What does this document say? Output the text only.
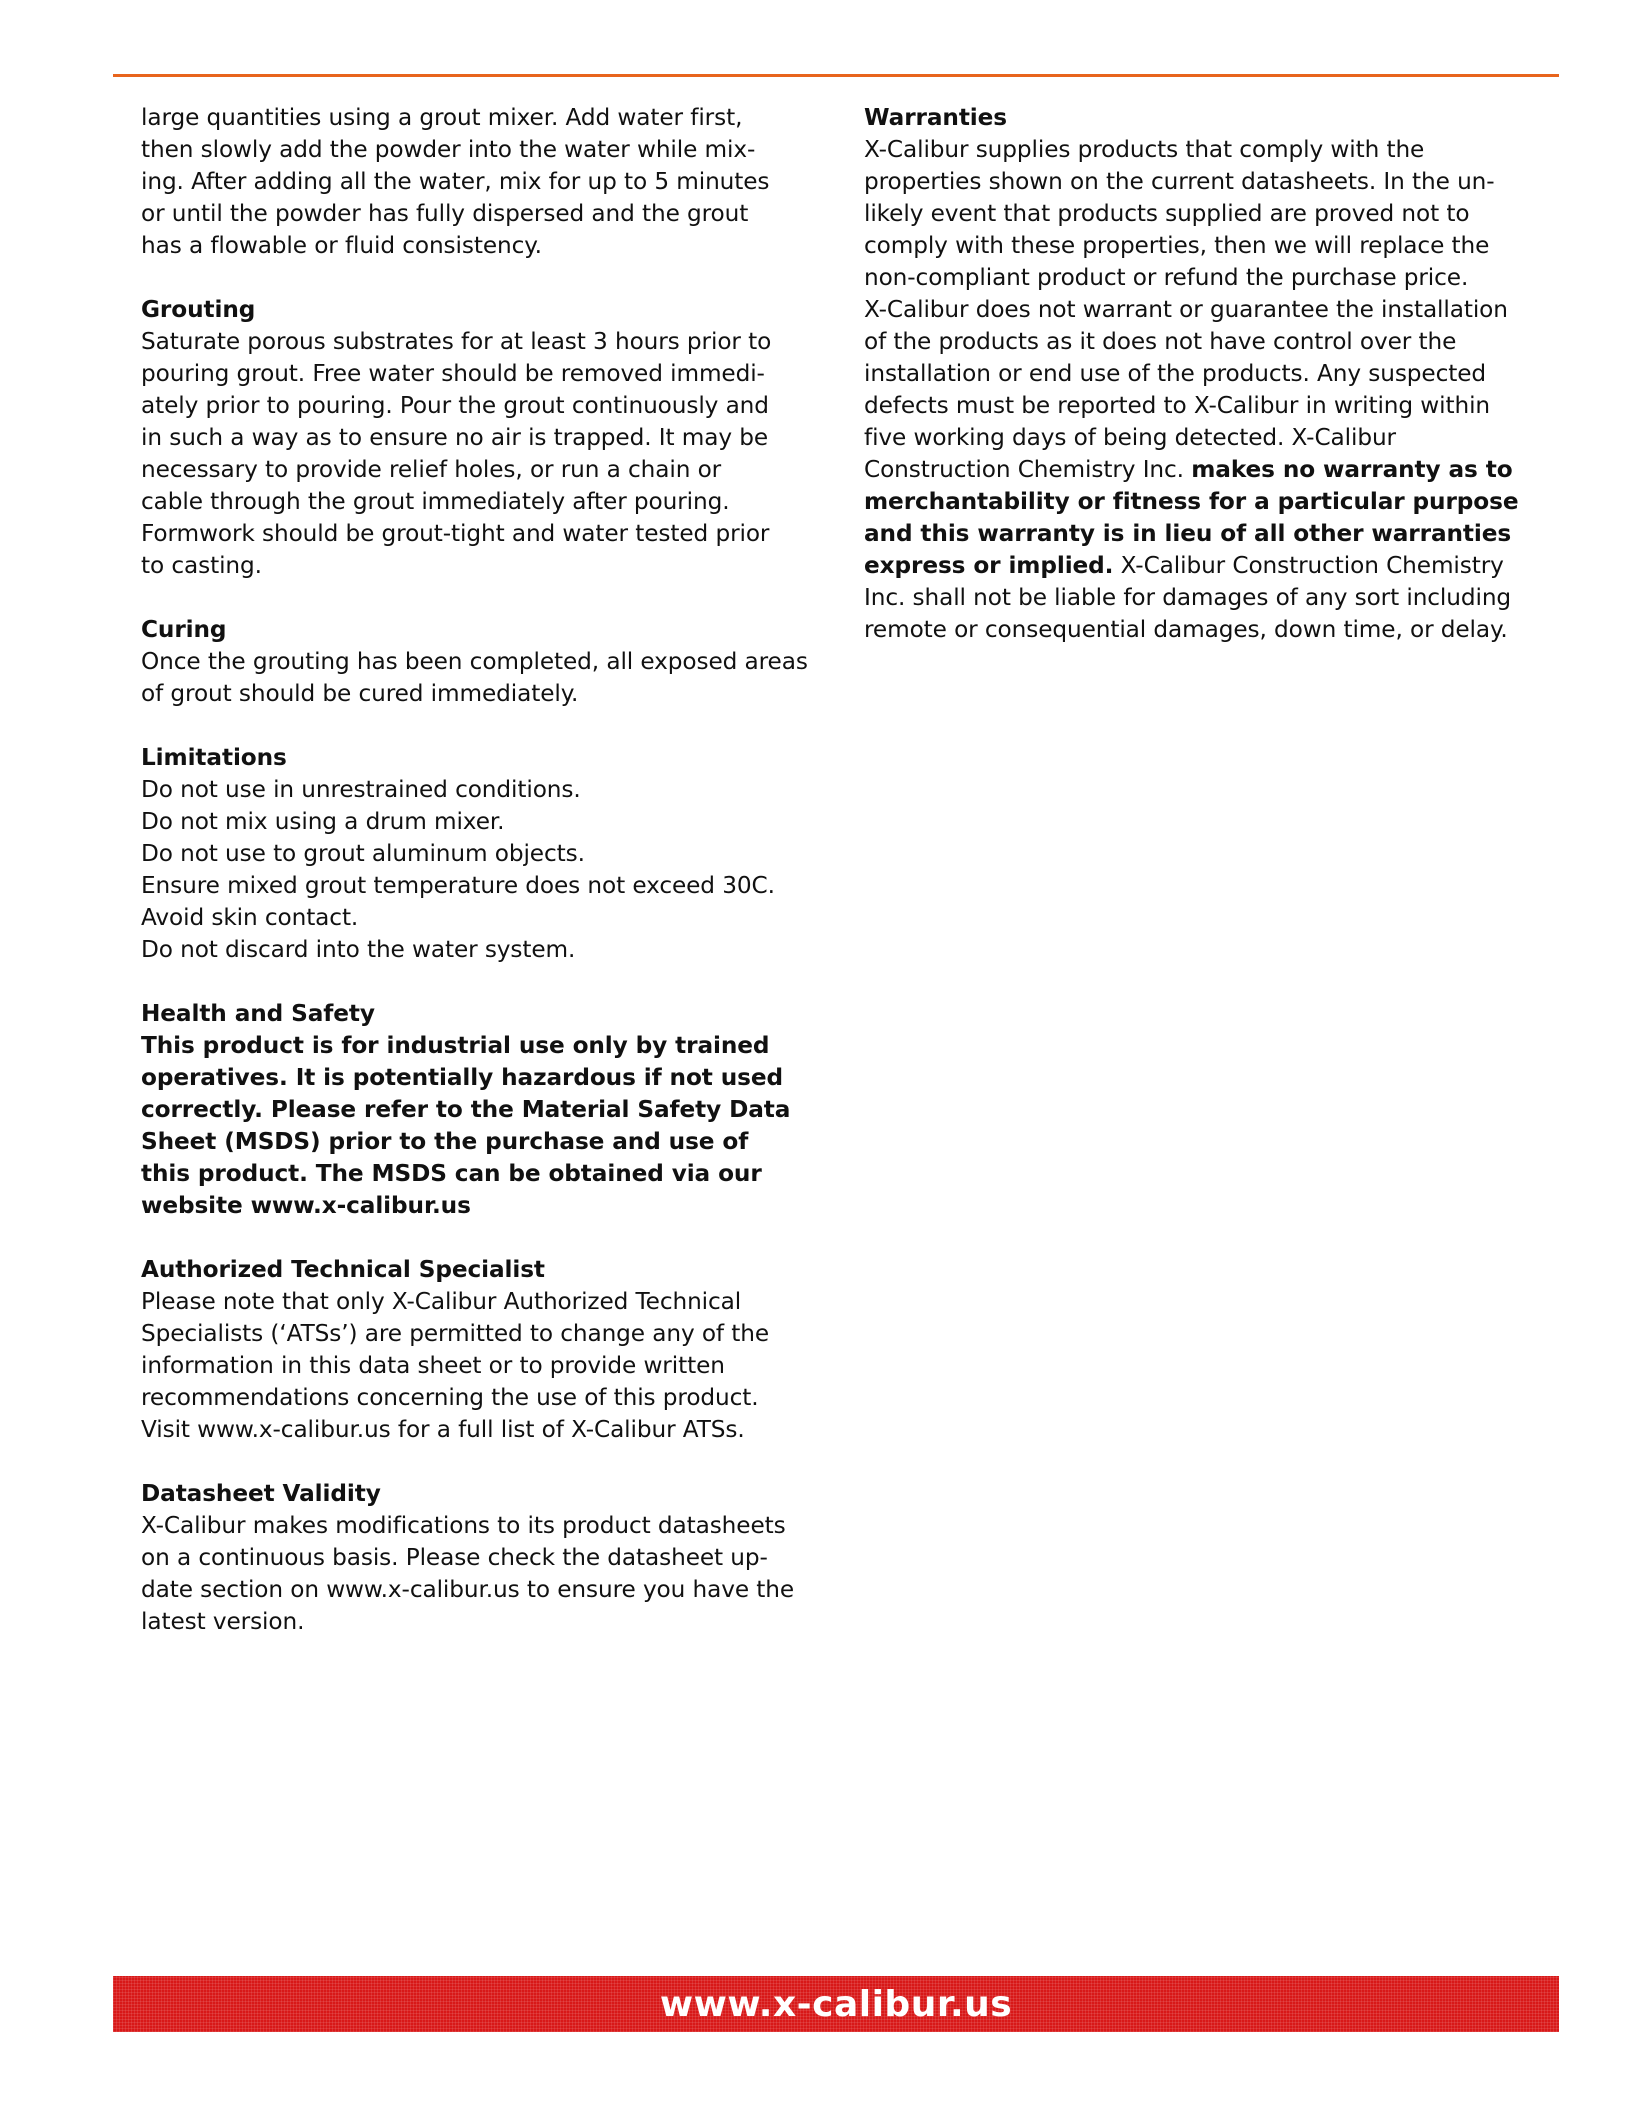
large quantities using a grout mixer. Add water first,
then slowly add the powder into the water while mix-
ing. After adding all the water, mix for up to 5 minutes
or until the powder has fully dispersed and the grout
has a flowable or fluid consistency.
Grouting
Saturate porous substrates for at least 3 hours prior to
pouring grout. Free water should be removed immedi-
ately prior to pouring. Pour the grout continuously and
in such a way as to ensure no air is trapped. It may be
necessary to provide relief holes, or run a chain or
cable through the grout immediately after pouring.
Formwork should be grout-tight and water tested prior
to casting.
Curing
Once the grouting has been completed, all exposed areas
of grout should be cured immediately.
Limitations
Do not use in unrestrained conditions.
Do not mix using a drum mixer.
Do not use to grout aluminum objects.
Ensure mixed grout temperature does not exceed 30C.
Avoid skin contact.
Do not discard into the water system.
Health and Safety
This product is for industrial use only by trained
operatives. It is potentially hazardous if not used
correctly. Please refer to the Material Safety Data
Sheet (MSDS) prior to the purchase and use of
this product. The MSDS can be obtained via our
website www.x-calibur.us
Authorized Technical Specialist
Please note that only X-Calibur Authorized Technical
Specialists (‘ATSs’) are permitted to change any of the
information in this data sheet or to provide written
recommendations concerning the use of this product.
Visit www.x-calibur.us for a full list of X-Calibur ATSs.
Datasheet Validity
X-Calibur makes modifications to its product datasheets
on a continuous basis. Please check the datasheet up-
date section on www.x-calibur.us to ensure you have the
latest version.
Warranties
X-Calibur supplies products that comply with the
properties shown on the current datasheets. In the un-
likely event that products supplied are proved not to
comply with these properties, then we will replace the
non-compliant product or refund the purchase price.
X-Calibur does not warrant or guarantee the installation
of the products as it does not have control over the
installation or end use of the products. Any suspected
defects must be reported to X-Calibur in writing within
five working days of being detected. X-Calibur
Construction Chemistry Inc. makes no warranty as to
merchantability or fitness for a particular purpose
and this warranty is in lieu of all other warranties
express or implied. X-Calibur Construction Chemistry
Inc. shall not be liable for damages of any sort including
remote or consequential damages, down time, or delay.
www.x-calibur.us
